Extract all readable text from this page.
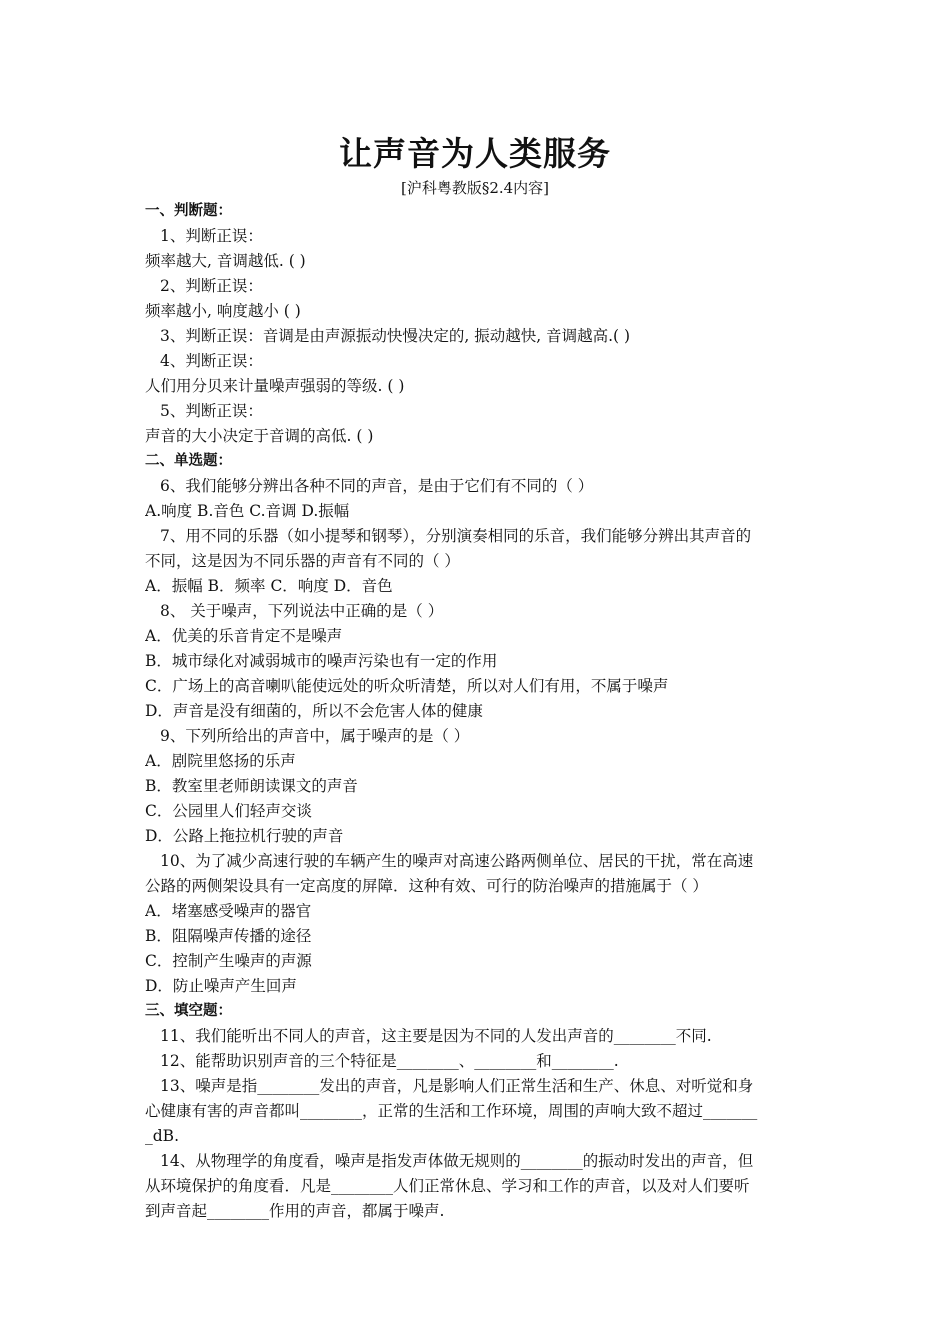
让声音为人类服务
[沪科粤教版§2.4内容]
一、判断题：
1、判断正误：
频率越大, 音调越低. ( )
2、判断正误：
频率越小, 响度越小 ( )
3、判断正误：音调是由声源振动快慢决定的, 振动越快, 音调越高.( )
4、判断正误：
人们用分贝来计量噪声强弱的等级. ( )
5、判断正误：
声音的大小决定于音调的高低. ( )
二、单选题：
6、我们能够分辨出各种不同的声音，是由于它们有不同的（ ）
A.响度 B.音色 C.音调 D.振幅
7、用不同的乐器（如小提琴和钢琴），分别演奏相同的乐音，我们能够分辨出其声音的
不同，这是因为不同乐器的声音有不同的（ ）
A．振幅 B．频率 C．响度 D．音色
8、 关于噪声，下列说法中正确的是（ ）
A．优美的乐音肯定不是噪声
B．城市绿化对减弱城市的噪声污染也有一定的作用
C．广场上的高音喇叭能使远处的听众听清楚，所以对人们有用，不属于噪声
D．声音是没有细菌的，所以不会危害人体的健康
9、下列所给出的声音中，属于噪声的是（ ）
A．剧院里悠扬的乐声
B．教室里老师朗读课文的声音
C．公园里人们轻声交谈
D．公路上拖拉机行驶的声音
10、为了减少高速行驶的车辆产生的噪声对高速公路两侧单位、居民的干扰，常在高速
公路的两侧架设具有一定高度的屏障．这种有效、可行的防治噪声的措施属于（ ）
A．堵塞感受噪声的器官
B．阻隔噪声传播的途径
C．控制产生噪声的声源
D．防止噪声产生回声
三、填空题：
11、我们能听出不同人的声音，这主要是因为不同的人发出声音的________不同.
12、能帮助识别声音的三个特征是________、________和________.
13、噪声是指________发出的声音，凡是影响人们正常生活和生产、休息、对听觉和身
心健康有害的声音都叫________，正常的生活和工作环境，周围的声响大致不超过_______
_dB.
14、从物理学的角度看，噪声是指发声体做无规则的________的振动时发出的声音，但
从环境保护的角度看．凡是________人们正常休息、学习和工作的声音，以及对人们要听
到声音起________作用的声音，都属于噪声.
